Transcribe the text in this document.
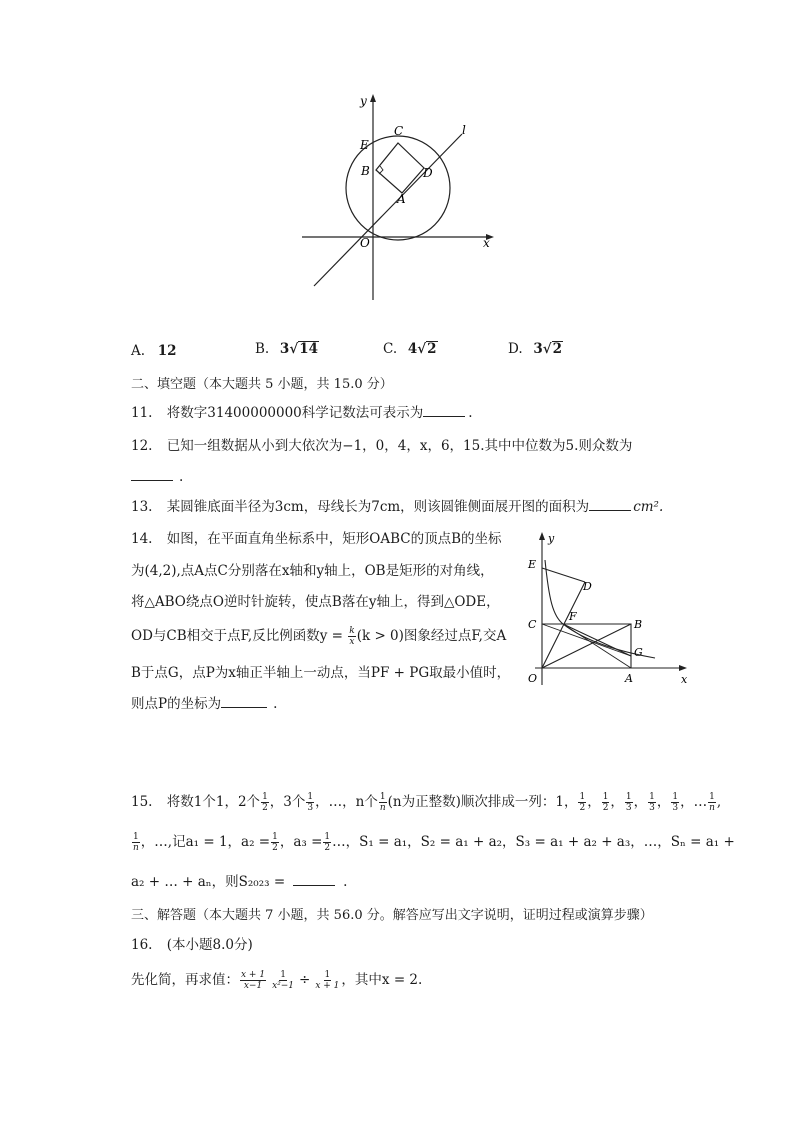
y
x
E
C
B	D
A
O
l
A. 12	B. 3√14	C. 4√2	D. 3√2
二、填空题（本大题共 5 小题，共 15.0 分）
11. 将数字31400000000科学记数法可表示为	.
12. 已知一组数据从小到大依次为−1，0，4，x，6，15.其中中位数为5.则众数为
.
13. 某圆锥底面半径为3cm，母线长为7cm，则该圆锥侧面展开图的面积为	cm².
14. 如图，在平面直角坐标系中，矩形OABC的顶点B的坐标
为(4,2),点A点C分别落在x轴和y轴上，OB是矩形的对角线，
将△ABO绕点O逆时针旋转，使点B落在y轴上，得到△ODE，
OD与CB相交于点F,反比例函数$y = \frac{k}{x} (k > 0)$图象经过点F,交A
B于点G，点P为x轴正半轴上一动点，当PF + PG取最小值时，
则点P的坐标为	.
y
x
E
D
C
F
B
G
O	A
15. 将数1个1，2个 $\frac{1}{2}$ ，3个 $\frac{1}{3}$ ，…，n个 $\frac{1}{n} (n$为正整数)顺次排成一列：1， $\frac{1}{2}$ ， $\frac{1}{2}$ ， $\frac{1}{3}$ ， $\frac{1}{3}$ ， $\frac{1}{3}$ ，… $\frac{1}{n}$ ,
$\frac{1}{n}$ ，…,记a₁ = 1，$a_2 = \frac{1}{2}$ ，$a_3 = \frac{1}{2}$ …，S₁ = a₁，S₂ = a₁ + a₂，S₃ = a₁ + a₂ + a₃，…，Sₙ = a₁ +
a₂ + … + aₙ，则S₂₀₂₃ =	.
三、解答题（本大题共 7 小题，共 56.0 分。解答应写出文字说明，证明过程或演算步骤）
16. (本小题8.0分)
先化简，再求值： $\frac{x + 1}{x-1} \frac{1}{\text{x²−1}} \div \frac{1}{x + 1}$ ，其中x = 2.
